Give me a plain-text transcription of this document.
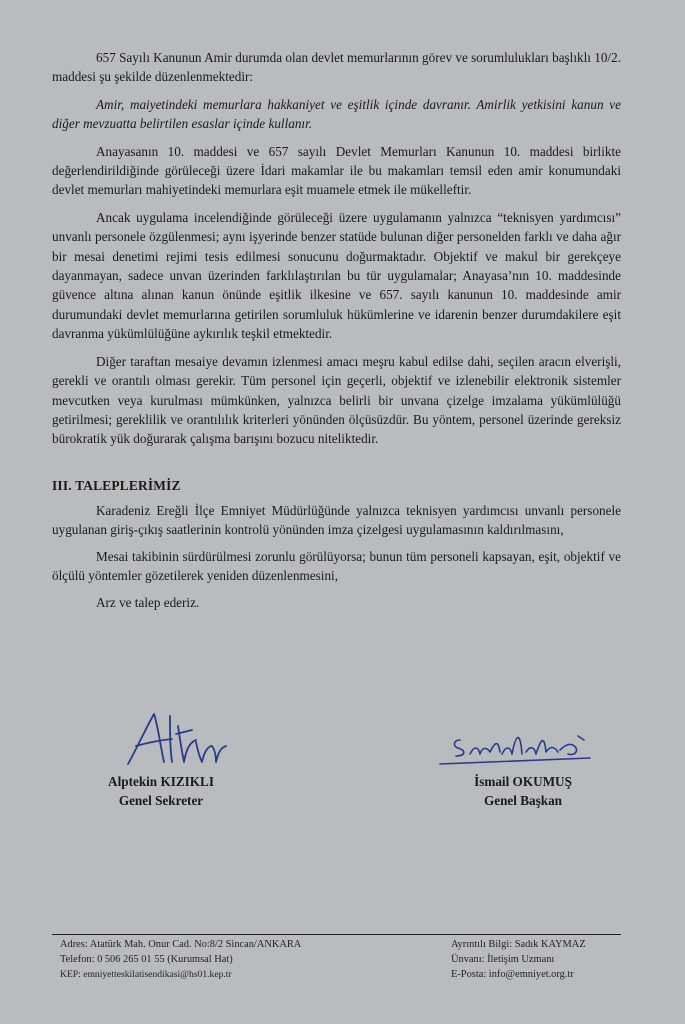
657 Sayılı Kanunun Amir durumda olan devlet memurlarının görev ve sorumlulukları başlıklı 10/2. maddesi şu şekilde düzenlenmektedir:

Amir, maiyetindeki memurlara hakkaniyet ve eşitlik içinde davranır. Amirlik yetkisini kanun ve diğer mevzuatta belirtilen esaslar içinde kullanır.

Anayasanın 10. maddesi ve 657 sayılı Devlet Memurları Kanunun 10. maddesi birlikte değerlendirildiğinde görüleceği üzere İdari makamlar ile bu makamları temsil eden amir konumundaki devlet memurları mahiyetindeki memurlara eşit muamele etmek ile mükelleftir.

Ancak uygulama incelendiğinde görüleceği üzere uygulamanın yalnızca “teknisyen yardımcısı” unvanlı personele özgülenmesi; aynı işyerinde benzer statüde bulunan diğer personelden farklı ve daha ağır bir mesai denetimi rejimi tesis edilmesi sonucunu doğurmaktadır. Objektif ve makul bir gerekçeye dayanmayan, sadece unvan üzerinden farklılaştırılan bu tür uygulamalar; Anayasa’nın 10. maddesinde güvence altına alınan kanun önünde eşitlik ilkesine ve 657. sayılı kanunun 10. maddesinde amir durumundaki devlet memurlarına getirilen sorumluluk hükümlerine ve idarenin benzer durumdakilere eşit davranma yükümlülüğüne aykırılık teşkil etmektedir.

Diğer taraftan mesaiye devamın izlenmesi amacı meşru kabul edilse dahi, seçilen aracın elverişli, gerekli ve orantılı olması gerekir. Tüm personel için geçerli, objektif ve izlenebilir elektronik sistemler mevcutken veya kurulması mümkünken, yalnızca belirli bir unvana çizelge imzalama yükümlülüğü getirilmesi; gereklilik ve orantılılık kriterleri yönünden ölçüsüzdür. Bu yöntem, personel üzerinde gereksiz bürokratik yük doğurarak çalışma barışını bozucu niteliktedir.

III. TALEPLERİMİZ

Karadeniz Ereğli İlçe Emniyet Müdürlüğünde yalnızca teknisyen yardımcısı unvanlı personele uygulanan giriş-çıkış saatlerinin kontrolü yönünden imza çizelgesi uygulamasının kaldırılmasını,

Mesai takibinin sürdürülmesi zorunlu görülüyorsa; bunun tüm personeli kapsayan, eşit, objektif ve ölçülü yöntemler gözetilerek yeniden düzenlenmesini,

Arz ve talep ederiz.
Alptekin KIZIKLI
Genel Sekreter
İsmail OKUMUŞ
Genel Başkan
Adres: Atatürk Mah. Onur Cad. No:8/2 Sincan/ANKARA
Telefon: 0 506 265 01 55 (Kurumsal Hat)
KEP: emniyetteskilatisendikasi@hs01.kep.tr
Ayrıntılı Bilgi: Sadık KAYMAZ
Ünvanı: İletişim Uzmanı
E-Posta: info@emniyet.org.tr
